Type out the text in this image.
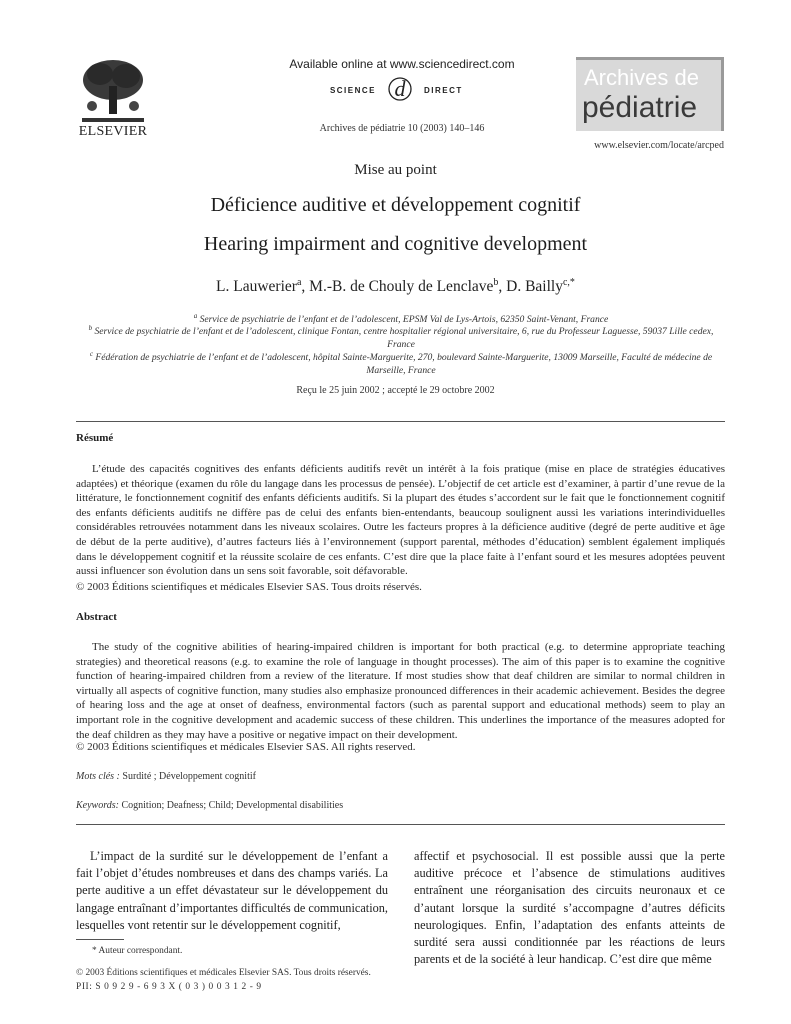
ELSEVIER
Available online at www.sciencedirect.com
SCIENCE d DIRECT
Archives de pédiatrie 10 (2003) 140–146
Archives de
pédiatrie
www.elsevier.com/locate/arcped
Mise au point
Déficience auditive et développement cognitif
Hearing impairment and cognitive development
L. Lauwerier$^a$, M.-B. de Chouly de Lenclave$^b$, D. Bailly$^{c,*}$
$^a$ Service de psychiatrie de l’enfant et de l’adolescent, EPSM Val de Lys-Artois, 62350 Saint-Venant, France
$^b$ Service de psychiatrie de l’enfant et de l’adolescent, clinique Fontan, centre hospitalier régional universitaire, 6, rue du Professeur Laguesse, 59037 Lille cedex, France
$^c$ Fédération de psychiatrie de l’enfant et de l’adolescent, hôpital Sainte-Marguerite, 270, boulevard Sainte-Marguerite, 13009 Marseille, Faculté de médecine de Marseille, France
Reçu le 25 juin 2002 ; accepté le 29 octobre 2002
Résumé
L’étude des capacités cognitives des enfants déficients auditifs revêt un intérêt à la fois pratique (mise en place de stratégies éducatives adaptées) et théorique (examen du rôle du langage dans les processus de pensée). L’objectif de cet article est d’examiner, à partir d’une revue de la littérature, le fonctionnement cognitif des enfants déficients auditifs. Si la plupart des études s’accordent sur le fait que le fonctionnement cognitif des enfants déficients auditifs ne diffère pas de celui des enfants bien-entendants, beaucoup soulignent aussi les variations interindividuelles considérables retrouvées notamment dans les niveaux scolaires. Outre les facteurs propres à la déficience auditive (degré de perte auditive et âge de début de la perte auditive), d’autres facteurs liés à l’environnement (support parental, méthodes d’éducation) semblent également impliqués dans le développement cognitif et la réussite scolaire de ces enfants. C’est dire que la place faite à l’enfant sourd et les mesures adoptées peuvent aussi influencer son évolution dans un sens soit favorable, soit défavorable.
© 2003 Éditions scientifiques et médicales Elsevier SAS. Tous droits réservés.
Abstract
The study of the cognitive abilities of hearing-impaired children is important for both practical (e.g. to determine appropriate teaching strategies) and theoretical reasons (e.g. to examine the role of language in thought processes). The aim of this paper is to examine the cognitive function of hearing-impaired children from a review of the literature. If most studies show that deaf children are similar to normal children in virtually all aspects of cognitive function, many studies also emphasize pronounced differences in their academic achievement. Besides the degree of hearing loss and the age at onset of deafness, environmental factors (such as parental support and educational methods) seem to play an important role in the cognitive development and academic success of these children. This underlines the importance of the measures adopted for the deaf children as they may have a positive or negative impact on their development.
© 2003 Éditions scientifiques et médicales Elsevier SAS. All rights reserved.
Mots clés : Surdité ; Développement cognitif
Keywords: Cognition; Deafness; Child; Developmental disabilities
L’impact de la surdité sur le développement de l’enfant a fait l’objet d’études nombreuses et dans des champs variés. La perte auditive a un effet dévastateur sur le développement du langage entraînant d’importantes difficultés de communication, lesquelles vont retentir sur le développement cognitif,
affectif et psychosocial. Il est possible aussi que la perte auditive précoce et l’absence de stimulations auditives entraînent une réorganisation des circuits neuronaux et ce d’autant lorsque la surdité s’accompagne d’autres déficits neurologiques. Enfin, l’adaptation des enfants atteints de surdité sera aussi conditionnée par les réactions de leurs parents et de la société à leur handicap. C’est dire que même
* Auteur correspondant.
© 2003 Éditions scientifiques et médicales Elsevier SAS. Tous droits réservés.
PII: S 0 9 2 9 - 6 9 3 X ( 0 3 ) 0 0 3 1 2 - 9
